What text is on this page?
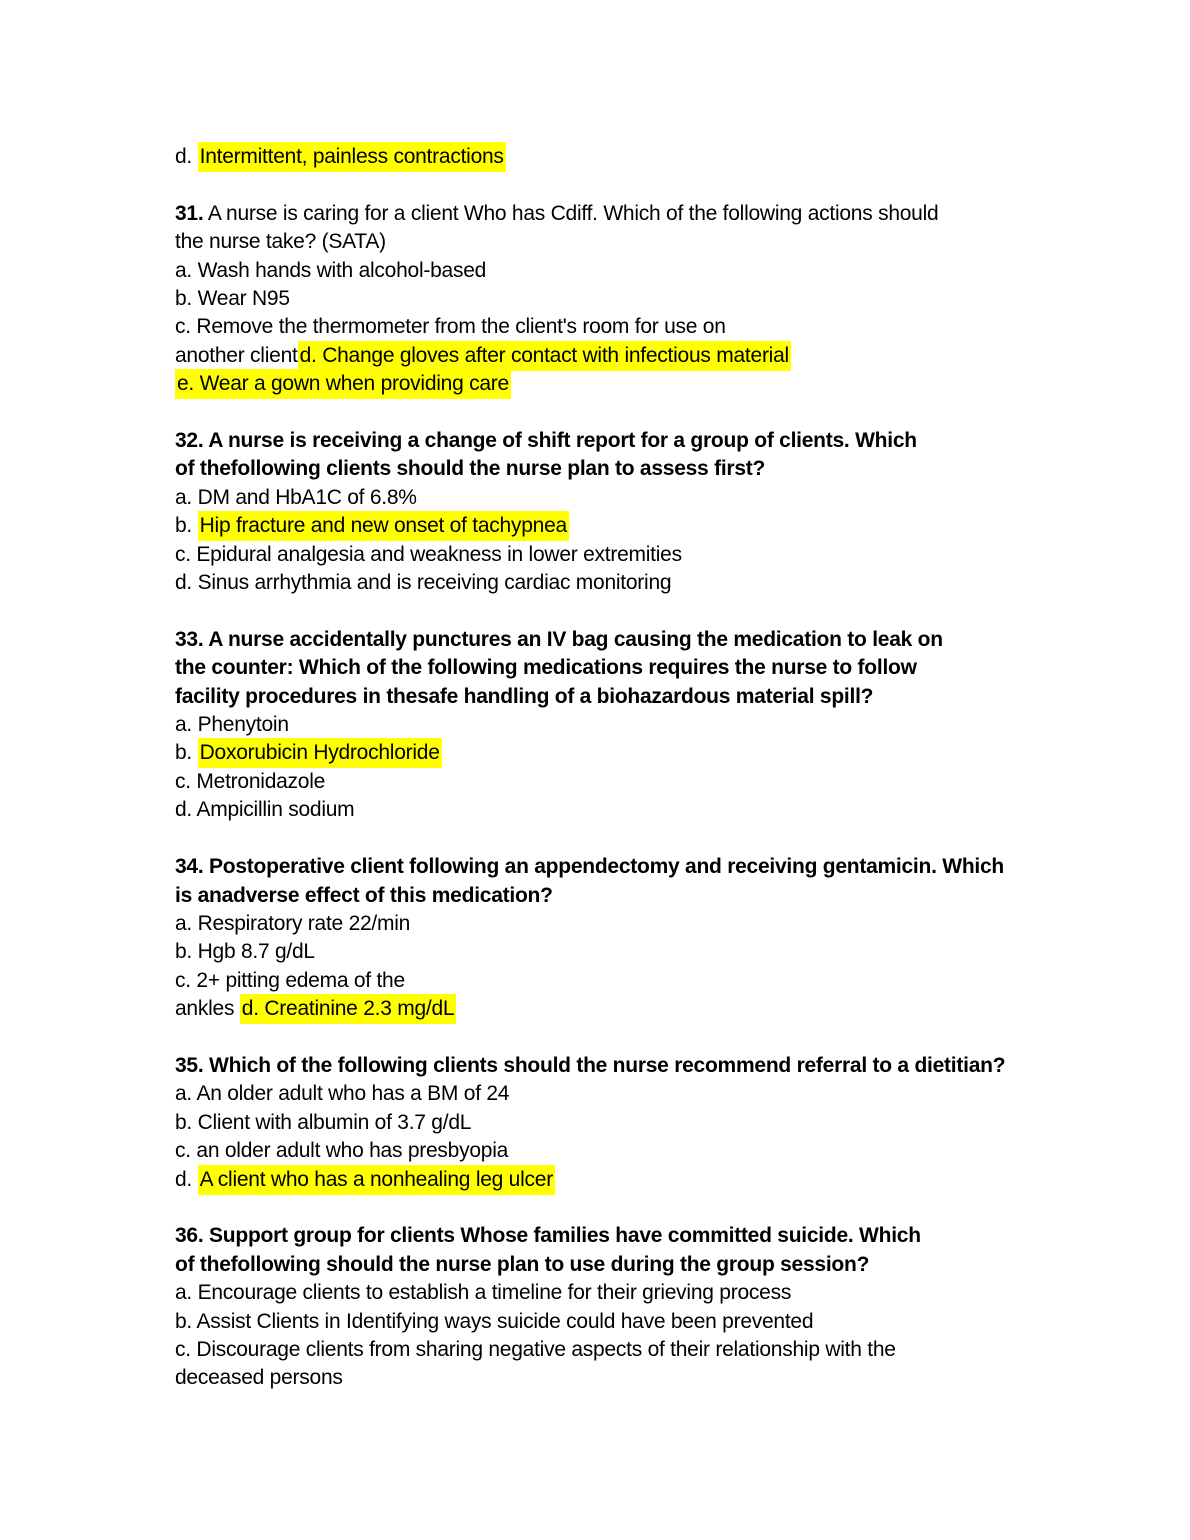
d. Intermittent, painless contractions
31. A nurse is caring for a client Who has Cdiff. Which of the following actions should
the nurse take? (SATA)
a. Wash hands with alcohol-based
b. Wear N95
c. Remove the thermometer from the client's room for use on
another clientd. Change gloves after contact with infectious material
e. Wear a gown when providing care
32. A nurse is receiving a change of shift report for a group of clients. Which
of thefollowing clients should the nurse plan to assess first?
a. DM and HbA1C of 6.8%
b. Hip fracture and new onset of tachypnea
c. Epidural analgesia and weakness in lower extremities
d. Sinus arrhythmia and is receiving cardiac monitoring
33. A nurse accidentally punctures an IV bag causing the medication to leak on
the counter: Which of the following medications requires the nurse to follow
facility procedures in thesafe handling of a biohazardous material spill?
a. Phenytoin
b. Doxorubicin Hydrochloride
c. Metronidazole
d. Ampicillin sodium
34. Postoperative client following an appendectomy and receiving gentamicin. Which
is anadverse effect of this medication?
a. Respiratory rate 22/min
b. Hgb 8.7 g/dL
c. 2+ pitting edema of the
ankles d. Creatinine 2.3 mg/dL
35. Which of the following clients should the nurse recommend referral to a dietitian?
a. An older adult who has a BM of 24
b. Client with albumin of 3.7 g/dL
c. an older adult who has presbyopia
d. A client who has a nonhealing leg ulcer
36. Support group for clients Whose families have committed suicide. Which
of thefollowing should the nurse plan to use during the group session?
a. Encourage clients to establish a timeline for their grieving process
b. Assist Clients in Identifying ways suicide could have been prevented
c. Discourage clients from sharing negative aspects of their relationship with the
deceased persons
